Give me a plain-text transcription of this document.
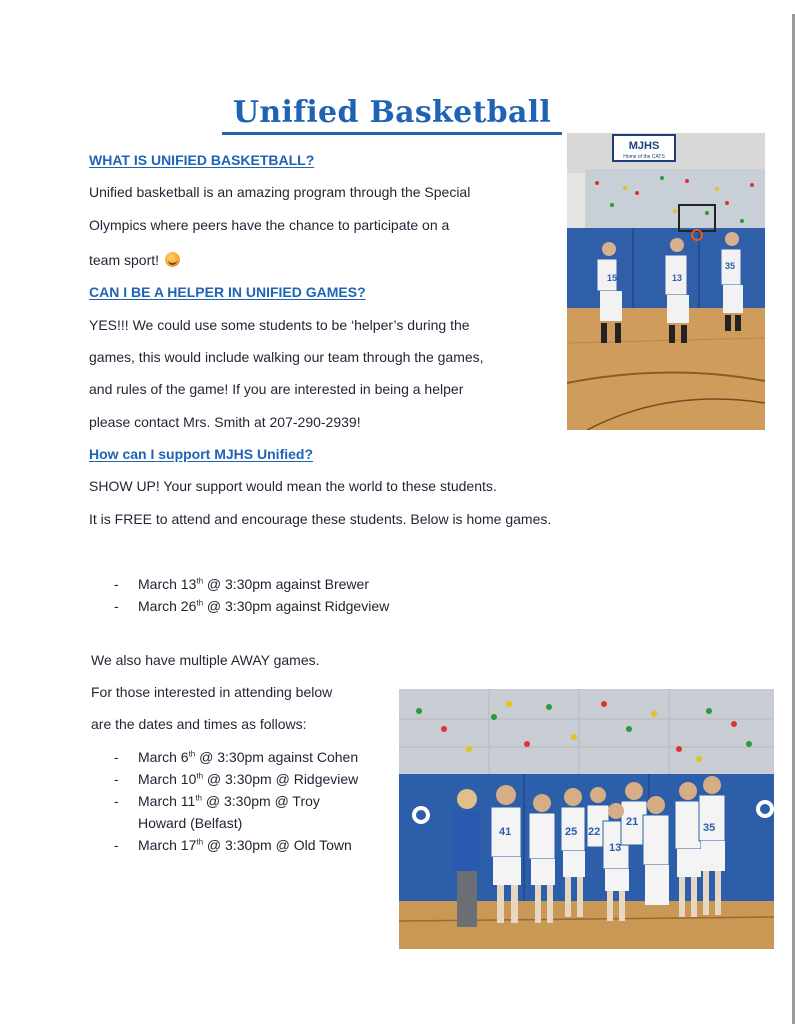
Unified Basketball
WHAT IS UNIFIED BASKETBALL?
Unified basketball is an amazing program through the Special
Olympics where peers have the chance to participate on a
team sport!
CAN I BE A HELPER IN UNIFIED GAMES?
YES!!! We could use some students to be ‘helper’s during the
games, this would include walking our team through the games,
and rules of the game! If you are interested in being a helper
please contact Mrs. Smith at 207-290-2939!
How can I support MJHS Unified?
SHOW UP! Your support would mean the world to these students.
It is FREE to attend and encourage these students. Below is home games.
- March 13th @ 3:30pm against Brewer
- March 26th @ 3:30pm against Ridgeview
We also have multiple AWAY games.
For those interested in attending below
are the dates and times as follows:
- March 6th @ 3:30pm against Cohen
- March 10th @ 3:30pm @ Ridgeview
- March 11th @ 3:30pm @ Troy
Howard (Belfast)
- March 17th @ 3:30pm @ Old Town
15	13
35
MJHS
Home of the CATS
41	25 22
21
13
35
